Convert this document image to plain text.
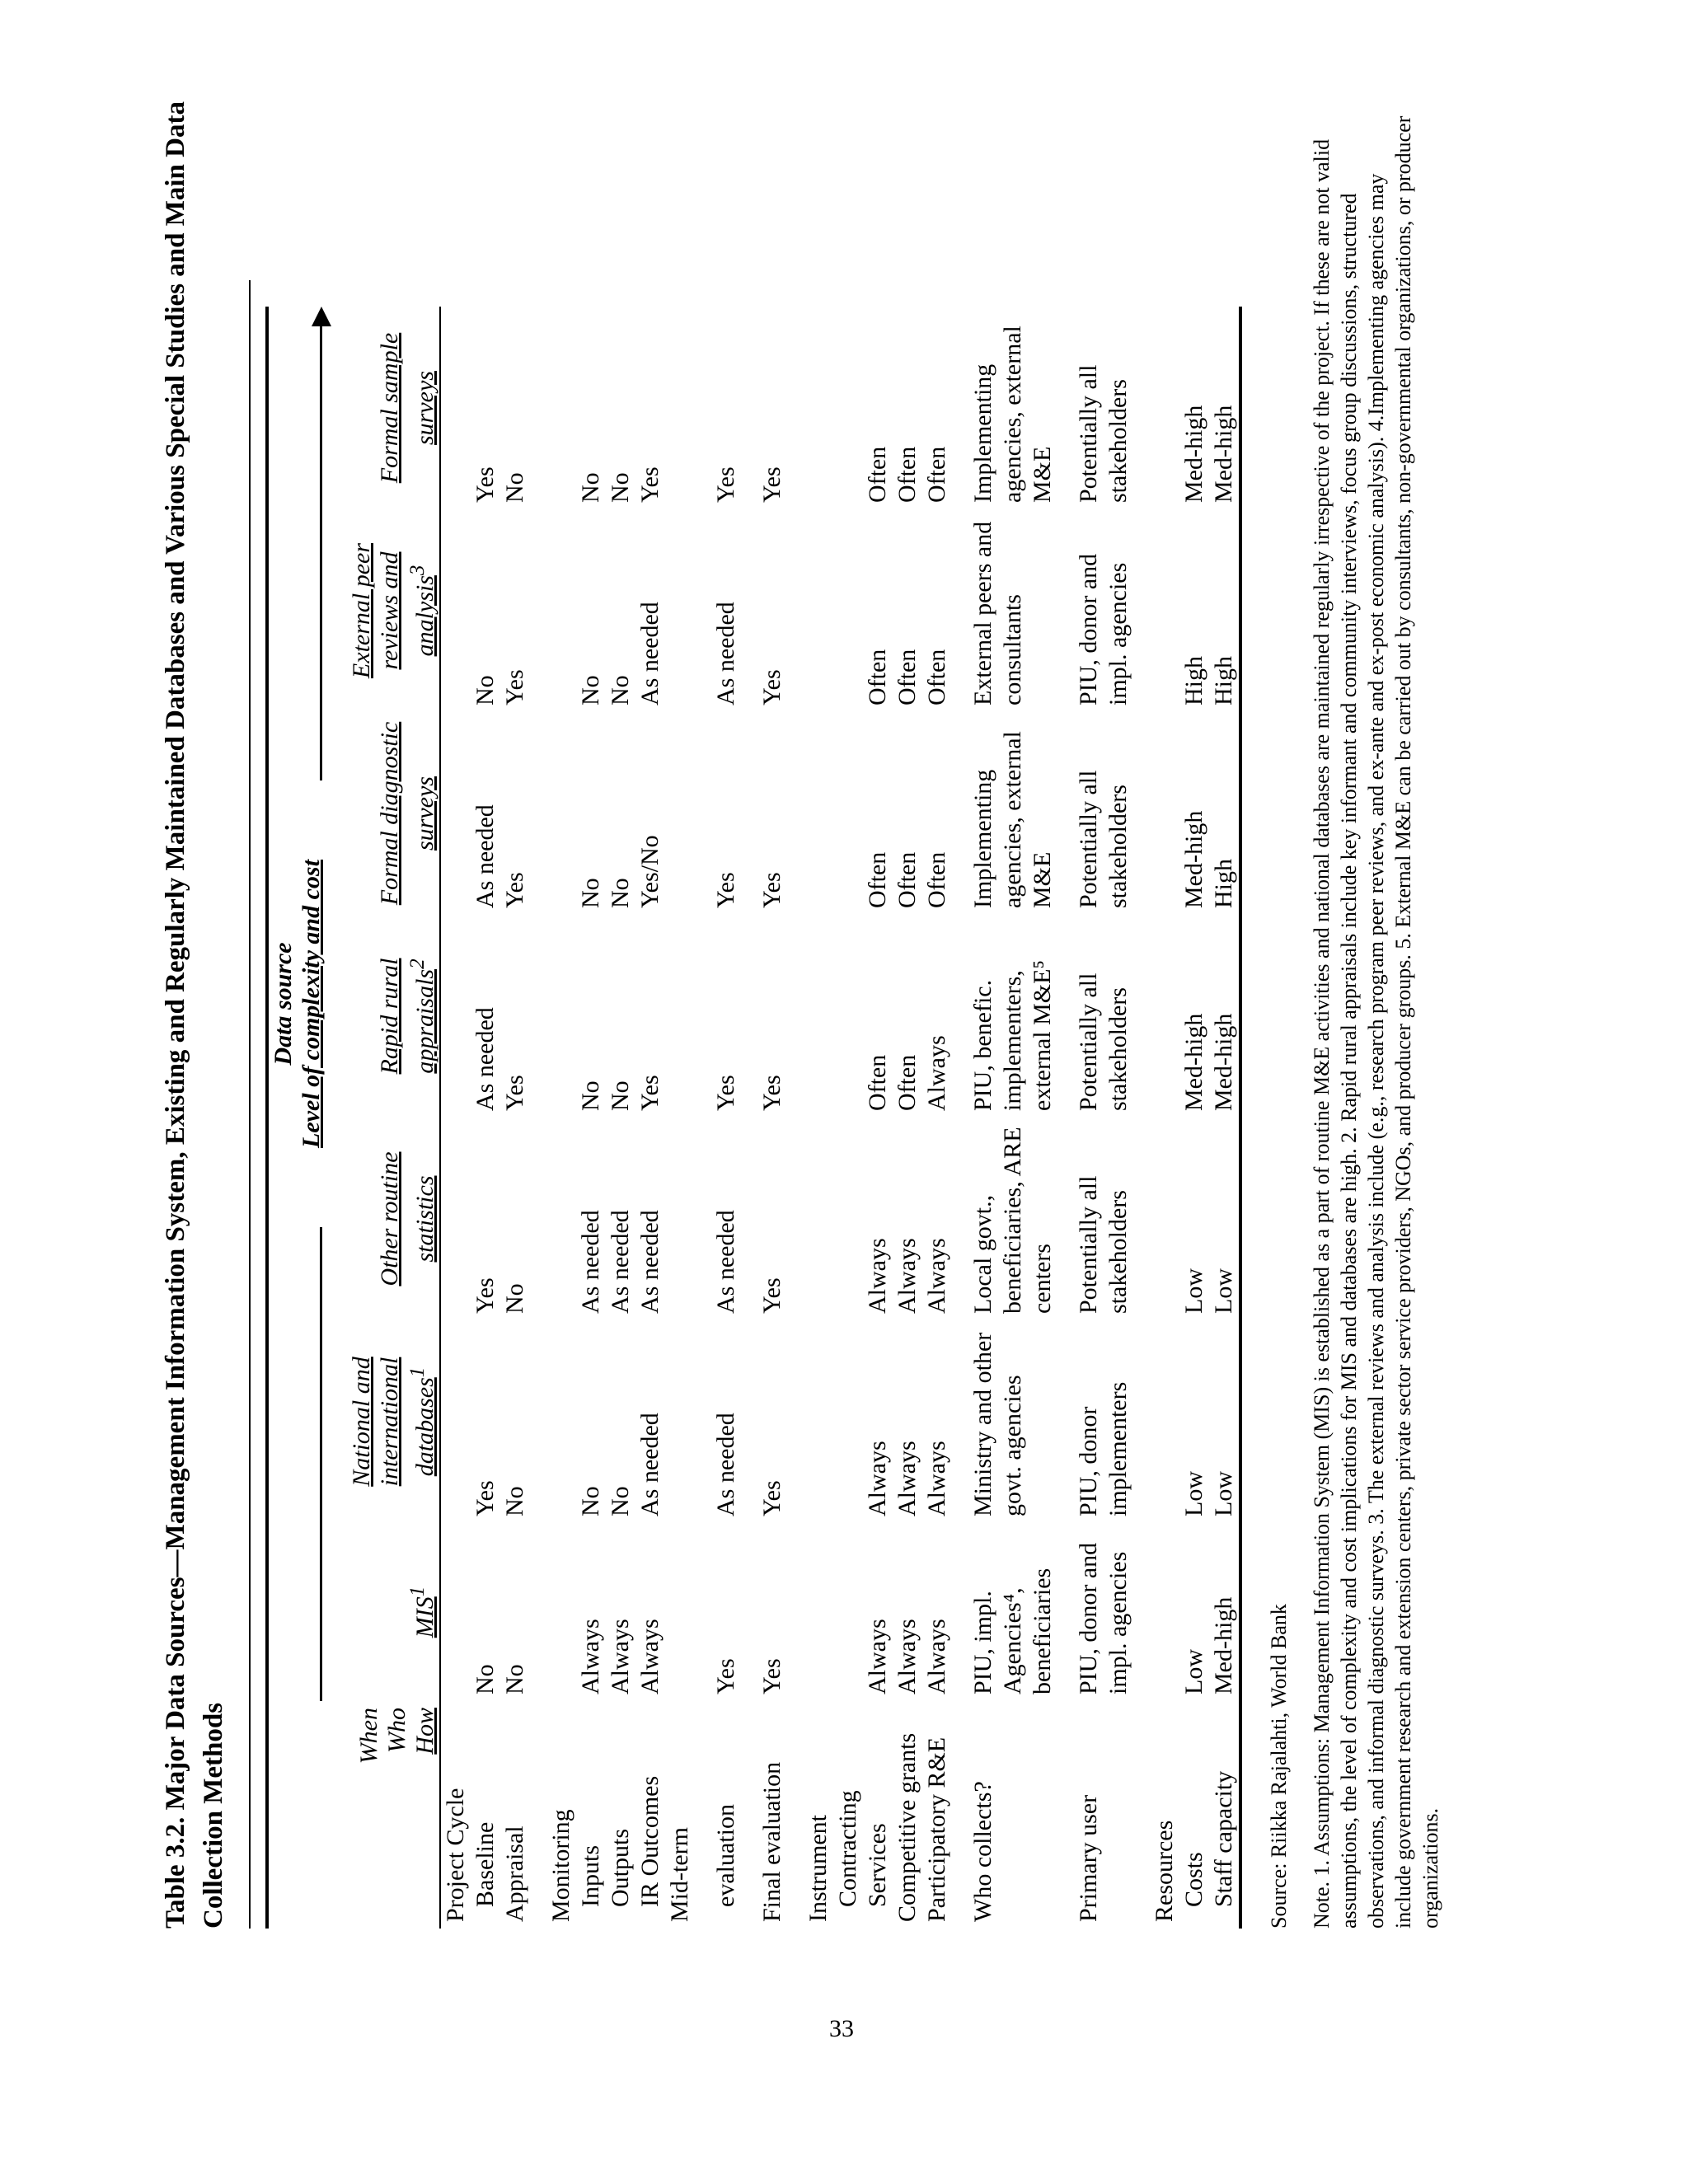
Table 3.2. Major Data Sources—Management Information System, Existing and Regularly Maintained Databases and Various Special Studies and Main Data Collection Methods

	Data source Level of complexity and cost						

When Who How	MIS$^1$	National and international databases$^1$	Other routine statistics	Rapid rural appraisals$^2$	Formal diagnostic surveys	External peer reviews and analysis$^3$	Formal sample surveys
Project Cycle							
Baseline	No	Yes	Yes	As needed	As needed	No	Yes
Appraisal	No	No	No	Yes	Yes	Yes	No

Monitoring							
Inputs	Always	No	As needed	No	No	No	No
Outputs	Always	No	As needed	No	No	No	No
IR Outcomes	Always	As needed	As needed	Yes	Yes/No	As needed	Yes
Mid-term							

evaluation	Yes	As needed	As needed	Yes	Yes	As needed	Yes

Final evaluation	Yes	Yes	Yes	Yes	Yes	Yes	Yes

Instrument							
Contracting							
Services	Always	Always	Always	Often	Often	Often	Often
Competitive grants	Always	Always	Always	Often	Often	Often	Often
Participatory R&E	Always	Always	Always	Always	Often	Often	Often

Who collects?	PIU, impl. Agencies⁴, beneficiaries	Ministry and other govt. agencies	Local govt., beneficiaries, ARE centers	PIU, benefic. implementers, external M&E⁵	Implementing agencies, external M&E	External peers and consultants	Implementing agencies, external M&E

Primary user	PIU, donor and impl. agencies	PIU, donor implementers	Potentially all stakeholders	Potentially all stakeholders	Potentially all stakeholders	PIU, donor and impl. agencies	Potentially all stakeholders

Resources							
Costs	Low	Low	Low	Med-high	Med-high	High	Med-high
Staff capacity	Med-high	Low	Low	Med-high	High	High	Med-high
Source: Riikka Rajalahti, World Bank Note. 1. Assumptions: Management Information System (MIS) is established as a part of routine M&E activities and national databases are maintained regularly irrespective of the project. If these are not valid assumptions, the level of complexity and cost implications for MIS and databases are high. 2. Rapid rural appraisals include key informant and community interviews, focus group discussions, structured observations, and informal diagnostic surveys. 3. The external reviews and analysis include (e.g., research program peer reviews, and ex-ante and ex-post economic analysis). 4.Implementing agencies may include government research and extension centers, private sector service providers, NGOs, and producer groups. 5. External M&E can be carried out by consultants, non-governmental organizations, or producer organizations.
33
